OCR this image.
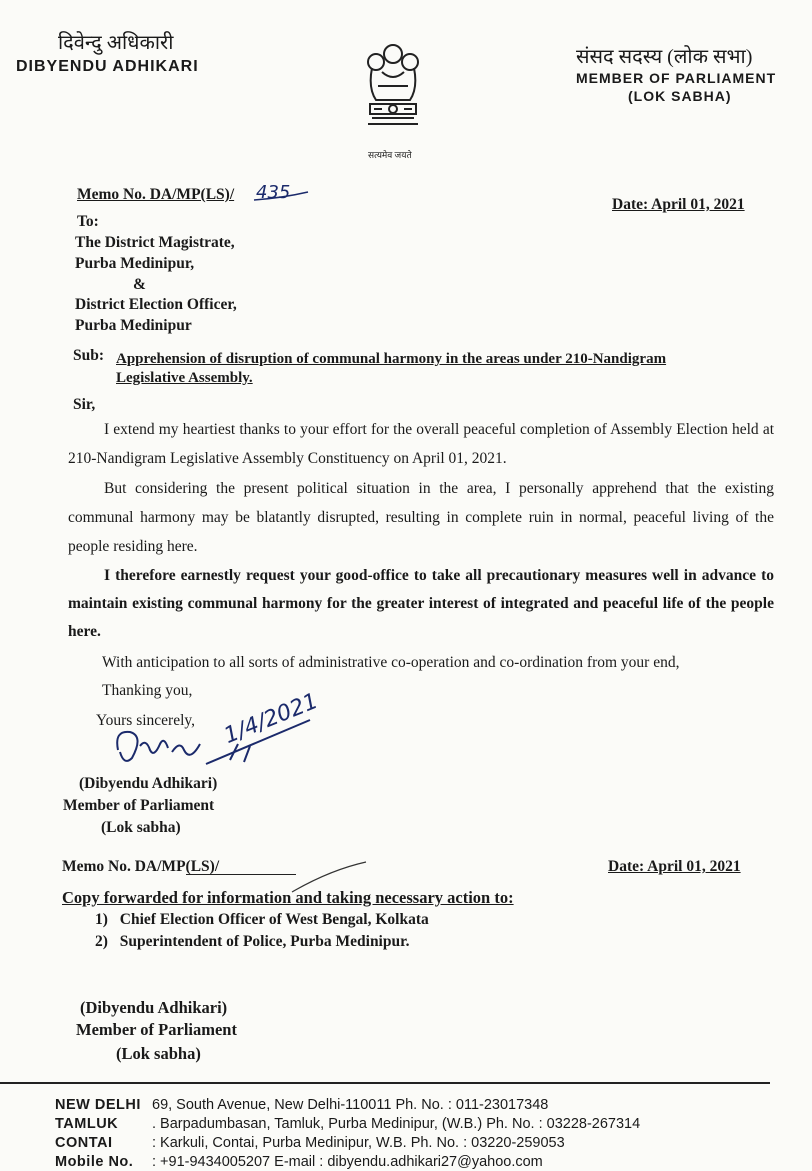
दिवेन्दु अधिकारी
DIBYENDU ADHIKARI	संसद सदस्य (लोक सभा)
MEMBER OF PARLIAMENT
(LOK SABHA)
सत्यमेव जयते
Memo No. DA/MP(LS)/ 435
Date: April 01, 2021
To:
The District Magistrate,
Purba Medinipur,
&
District Election Officer,
Purba Medinipur
Sub: Apprehension of disruption of communal harmony in the areas under 210-Nandigram
Legislative Assembly.
Sir,
I extend my heartiest thanks to your effort for the overall peaceful completion of Assembly Election held at 210-Nandigram Legislative Assembly Constituency on April 01, 2021.
But considering the present political situation in the area, I personally apprehend that the existing communal harmony may be blatantly disrupted, resulting in complete ruin in normal, peaceful living of the people residing here.
I therefore earnestly request your good-office to take all precautionary measures well in advance to maintain existing communal harmony for the greater interest of integrated and peaceful life of the people here.
With anticipation to all sorts of administrative co-operation and co-ordination from your end,
Thanking you,
Yours sincerely, 1/4/2021
(Dibyendu Adhikari)
Member of Parliament
(Lok sabha)
Memo No. DA/MP(LS)/	Date: April 01, 2021
Copy forwarded for information and taking necessary action to:
1) Chief Election Officer of West Bengal, Kolkata
2) Superintendent of Police, Purba Medinipur.
(Dibyendu Adhikari)
Member of Parliament
(Lok sabha)
NEW DELHI 69, South Avenue, New Delhi-110011 Ph. No. : 011-23017348
TAMLUK . Barpadumbasan, Tamluk, Purba Medinipur, (W.B.) Ph. No. : 03228-267314
CONTAI	: Karkuli, Contai, Purba Medinipur, W.B. Ph. No. : 03220-259053
Mobile No. : +91-9434005207 E-mail : dibyendu.adhikari27@yahoo.com
